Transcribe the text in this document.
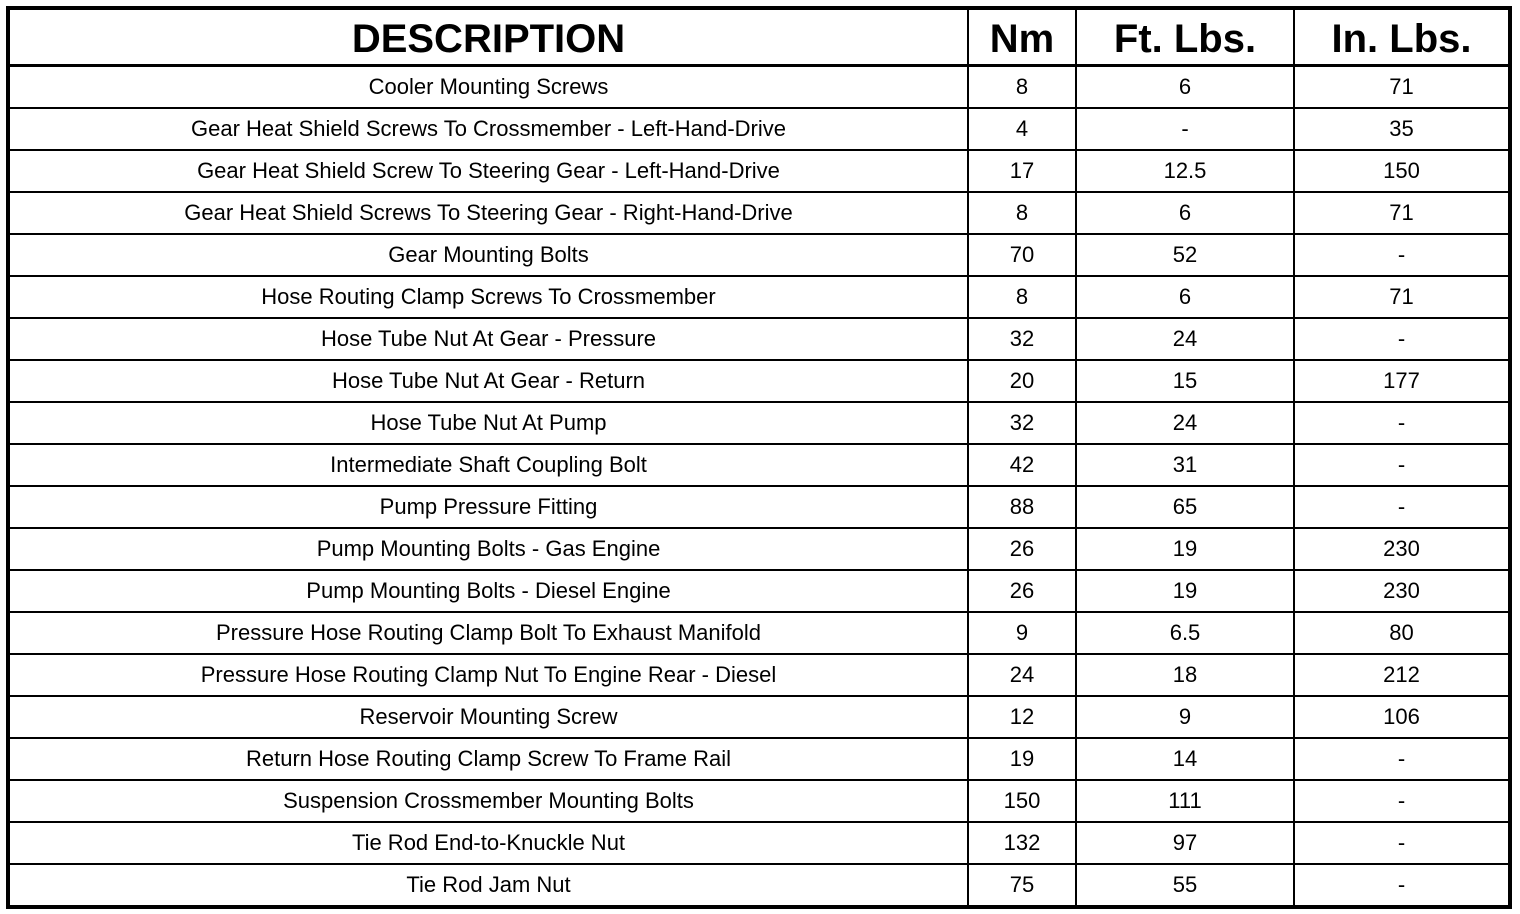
DESCRIPTION	Nm	Ft. Lbs.	In. Lbs.
Cooler Mounting Screws	8	6	71
Gear Heat Shield Screws To Crossmember - Left-Hand-Drive	4	-	35
Gear Heat Shield Screw To Steering Gear - Left-Hand-Drive	17	12.5	150
Gear Heat Shield Screws To Steering Gear - Right-Hand-Drive	8	6	71
Gear Mounting Bolts	70	52	-
Hose Routing Clamp Screws To Crossmember	8	6	71
Hose Tube Nut At Gear - Pressure	32	24	-
Hose Tube Nut At Gear - Return	20	15	177
Hose Tube Nut At Pump	32	24	-
Intermediate Shaft Coupling Bolt	42	31	-
Pump Pressure Fitting	88	65	-
Pump Mounting Bolts - Gas Engine	26	19	230
Pump Mounting Bolts - Diesel Engine	26	19	230
Pressure Hose Routing Clamp Bolt To Exhaust Manifold	9	6.5	80
Pressure Hose Routing Clamp Nut To Engine Rear - Diesel	24	18	212
Reservoir Mounting Screw	12	9	106
Return Hose Routing Clamp Screw To Frame Rail	19	14	-
Suspension Crossmember Mounting Bolts	150	111	-
Tie Rod End-to-Knuckle Nut	132	97	-
Tie Rod Jam Nut	75	55	-
